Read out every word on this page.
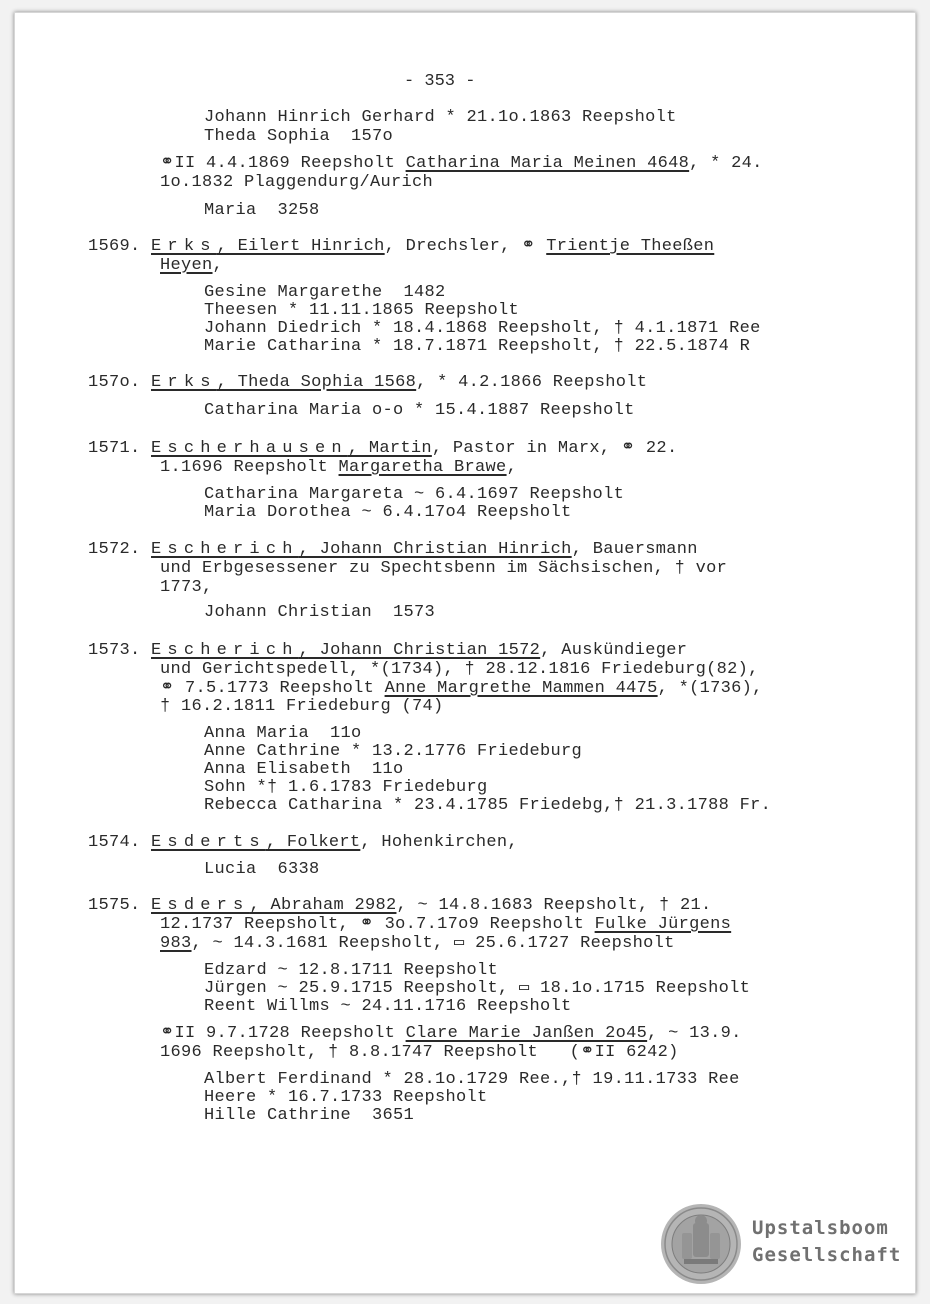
- 353 -
Johann Hinrich Gerhard * 21.1o.1863 Reepsholt
Theda Sophia  157o
⚭II 4.4.1869 Reepsholt Catharina Maria Meinen 4648, * 24.
1o.1832 Plaggendurg/Aurich
Maria  3258
1569. Erks, Eilert Hinrich, Drechsler, ⚭ Trientje Theeßen
Heyen,
Gesine Margarethe  1482
Theesen * 11.11.1865 Reepsholt
Johann Diedrich * 18.4.1868 Reepsholt, † 4.1.1871 Ree
Marie Catharina * 18.7.1871 Reepsholt, † 22.5.1874 R
157o. Erks, Theda Sophia 1568, * 4.2.1866 Reepsholt
Catharina Maria o-o * 15.4.1887 Reepsholt
1571. Escherhausen, Martin, Pastor in Marx, ⚭ 22.
1.1696 Reepsholt Margaretha Brawe,
Catharina Margareta ~ 6.4.1697 Reepsholt
Maria Dorothea ~ 6.4.17o4 Reepsholt
1572. Escherich, Johann Christian Hinrich, Bauersmann
und Erbgesessener zu Spechtsbenn im Sächsischen, † vor
1773,
Johann Christian  1573
1573. Escherich, Johann Christian 1572, Auskündieger
und Gerichtspedell, *(1734), † 28.12.1816 Friedeburg(82),
⚭ 7.5.1773 Reepsholt Anne Margrethe Mammen 4475, *(1736),
† 16.2.1811 Friedeburg (74)
Anna Maria  11o
Anne Cathrine * 13.2.1776 Friedeburg
Anna Elisabeth  11o
Sohn *† 1.6.1783 Friedeburg
Rebecca Catharina * 23.4.1785 Friedebg,† 21.3.1788 Fr.
1574. Esderts, Folkert, Hohenkirchen,
Lucia  6338
1575. Esders, Abraham 2982, ~ 14.8.1683 Reepsholt, † 21.
12.1737 Reepsholt, ⚭ 3o.7.17o9 Reepsholt Fulke Jürgens
983, ~ 14.3.1681 Reepsholt, ▭ 25.6.1727 Reepsholt
Edzard ~ 12.8.1711 Reepsholt
Jürgen ~ 25.9.1715 Reepsholt, ▭ 18.1o.1715 Reepsholt
Reent Willms ~ 24.11.1716 Reepsholt
⚭II 9.7.1728 Reepsholt Clare Marie Janßen 2o45, ~ 13.9.
1696 Reepsholt, † 8.8.1747 Reepsholt   (⚭II 6242)
Albert Ferdinand * 28.1o.1729 Ree.,† 19.11.1733 Ree
Heere * 16.7.1733 Reepsholt
Hille Cathrine  3651
Upstalsboom
Gesellschaft
